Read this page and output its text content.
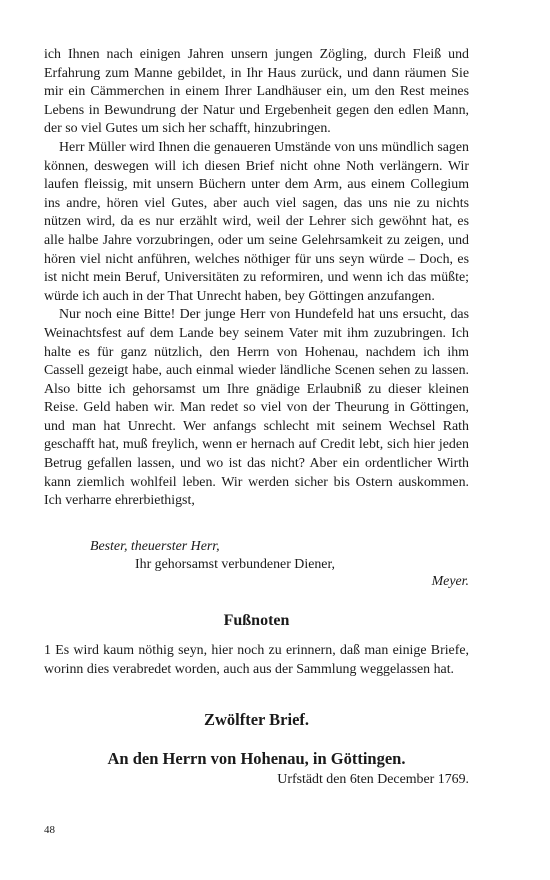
ich Ihnen nach einigen Jahren unsern jungen Zögling, durch Fleiß und Erfahrung zum Manne gebildet, in Ihr Haus zurück, und dann räumen Sie mir ein Cämmerchen in einem Ihrer Landhäuser ein, um den Rest meines Lebens in Bewundrung der Natur und Ergebenheit gegen den edlen Mann, der so viel Gutes um sich her schafft, hinzubringen.

Herr Müller wird Ihnen die genaueren Umstände von uns mündlich sagen können, deswegen will ich diesen Brief nicht ohne Noth verlängern. Wir laufen fleissig, mit unsern Büchern unter dem Arm, aus einem Collegium ins andre, hören viel Gutes, aber auch viel sagen, das uns nie zu nichts nützen wird, da es nur erzählt wird, weil der Lehrer sich gewöhnt hat, es alle halbe Jahre vorzubringen, oder um seine Gelehrsamkeit zu zeigen, und hören viel nicht anführen, welches nöthiger für uns seyn würde – Doch, es ist nicht mein Beruf, Universitäten zu reformiren, und wenn ich das müßte; würde ich auch in der That Unrecht haben, bey Göttingen anzufangen.

Nur noch eine Bitte! Der junge Herr von Hundefeld hat uns ersucht, das Weinachtsfest auf dem Lande bey seinem Vater mit ihm zuzubringen. Ich halte es für ganz nützlich, den Herrn von Hohenau, nachdem ich ihm Cassell gezeigt habe, auch einmal wieder ländliche Scenen sehen zu lassen. Also bitte ich gehorsamst um Ihre gnädige Erlaubniß zu dieser kleinen Reise. Geld haben wir. Man redet so viel von der Theurung in Göttingen, und man hat Unrecht. Wer anfangs schlecht mit seinem Wechsel Rath geschafft hat, muß freylich, wenn er hernach auf Credit lebt, sich hier jeden Betrug gefallen lassen, und wo ist das nicht? Aber ein ordentlicher Wirth kann ziemlich wohlfeil leben. Wir werden sicher bis Ostern auskommen. Ich verharre ehrerbiethigst,

Bester, theuerster Herr,
Ihr gehorsamst verbundener Diener,
Meyer.
Fußnoten

1 Es wird kaum nöthig seyn, hier noch zu erinnern, daß man einige Briefe, worinn dies verabredet worden, auch aus der Sammlung weggelassen hat.

Zwölfter Brief.
An den Herrn von Hohenau, in Göttingen.
Urfstädt den 6ten December 1769.
48
